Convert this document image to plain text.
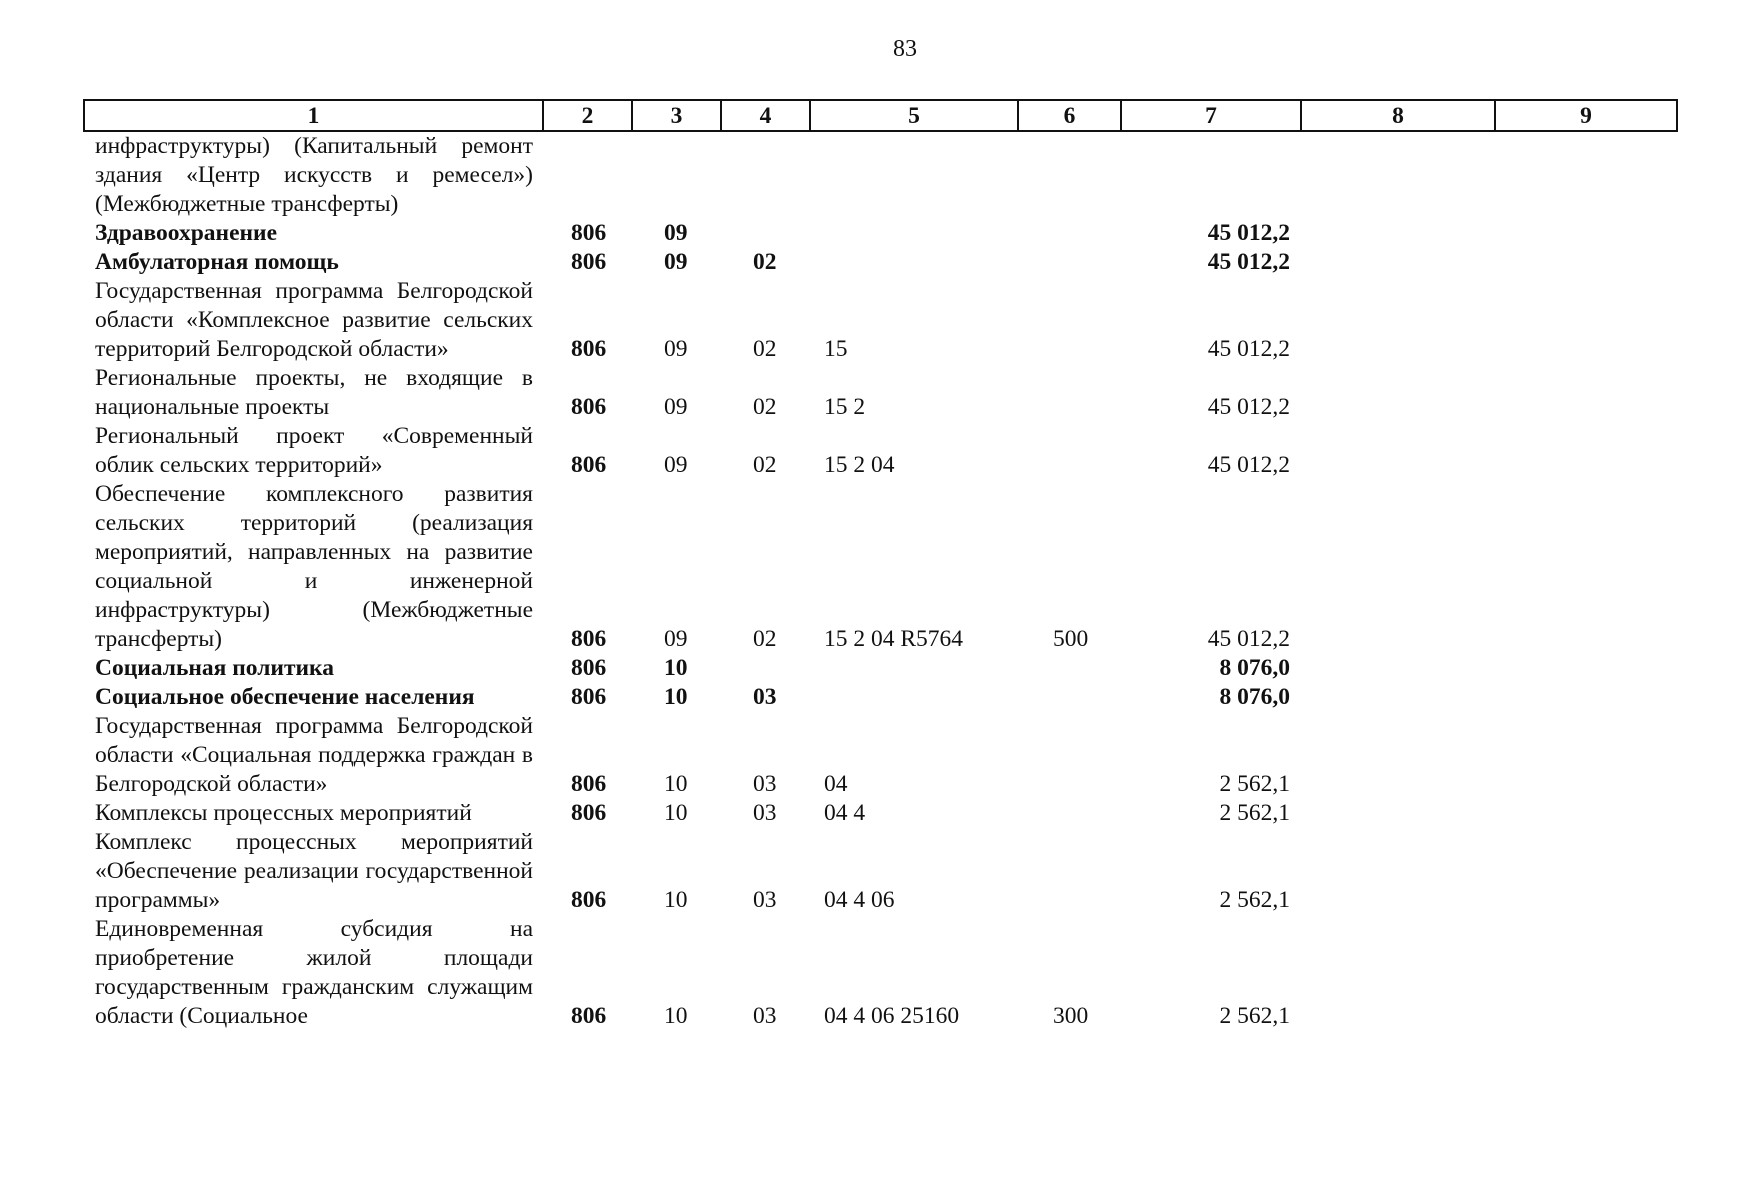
83
1	2	3	4	5	6	7	8	9
инфраструктуры) (Капитальный ремонт здания «Центр искусств и ремесел») (Межбюджетные трансферты)								
Здравоохранение	806	09				45 012,2		
Амбулаторная помощь	806	09	02			45 012,2		
Государственная программа Белгородской области «Комплексное развитие сельских территорий Белгородской области»	806	09	02	15		45 012,2		
Региональные проекты, не входящие в национальные проекты	806	09	02	15 2		45 012,2		
Региональный проект «Современный облик сельских территорий»	806	09	02	15 2 04		45 012,2		
Обеспечение комплексного развития сельских территорий (реализация мероприятий, направленных на развитие социальной и инженерной инфраструктуры) (Межбюджетные трансферты)	806	09	02	15 2 04 R5764	500	45 012,2		
Социальная политика	806	10				8 076,0		
Социальное обеспечение населения	806	10	03			8 076,0		
Государственная программа Белгородской области «Социальная поддержка граждан в Белгородской области»	806	10	03	04		2 562,1		
Комплексы процессных мероприятий	806	10	03	04 4		2 562,1		
Комплекс процессных мероприятий «Обеспечение реализации государственной программы»	806	10	03	04 4 06		2 562,1		
Единовременная субсидия на приобретение жилой площади государственным гражданским служащим области (Социальное	806	10	03	04 4 06 25160	300	2 562,1		
